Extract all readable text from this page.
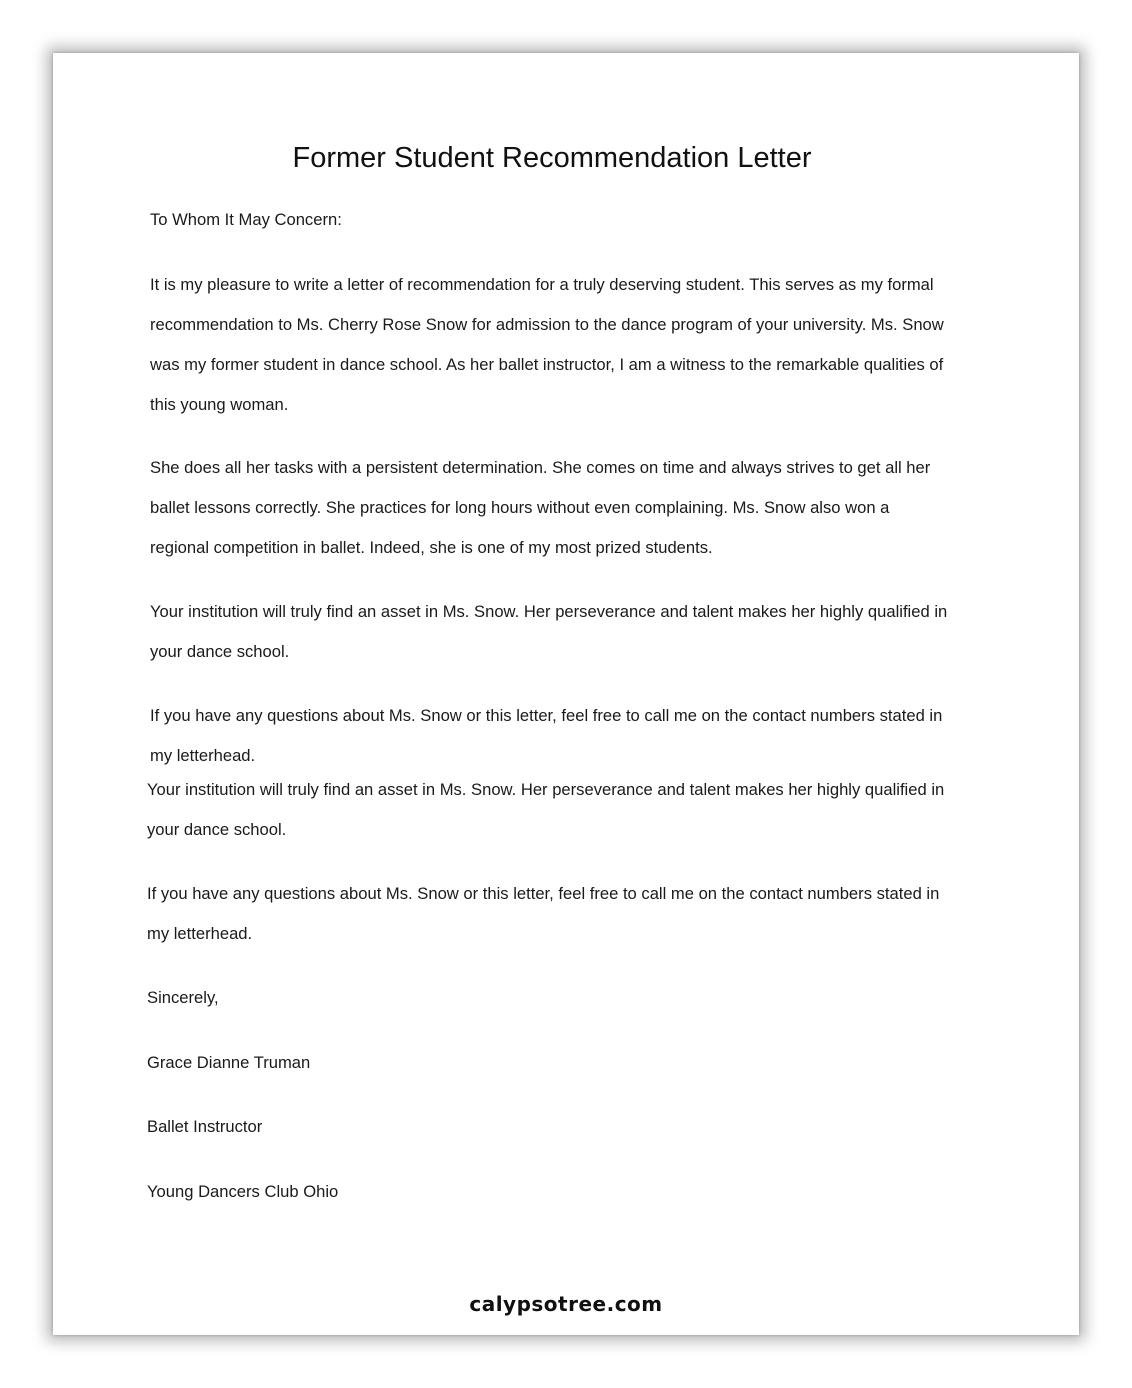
Former Student Recommendation Letter
To Whom It May Concern:
It is my pleasure to write a letter of recommendation for a truly deserving student. This serves as my formal recommendation to Ms. Cherry Rose Snow for admission to the dance program of your university. Ms. Snow was my former student in dance school. As her ballet instructor, I am a witness to the remarkable qualities of this young woman.
She does all her tasks with a persistent determination. She comes on time and always strives to get all her ballet lessons correctly. She practices for long hours without even complaining. Ms. Snow also won a regional competition in ballet. Indeed, she is one of my most prized students.
Your institution will truly find an asset in Ms. Snow. Her perseverance and talent makes her highly qualified in your dance school.
If you have any questions about Ms. Snow or this letter, feel free to call me on the contact numbers stated in my letterhead.
Your institution will truly find an asset in Ms. Snow. Her perseverance and talent makes her highly qualified in your dance school.
If you have any questions about Ms. Snow or this letter, feel free to call me on the contact numbers stated in my letterhead.
Sincerely,
Grace Dianne Truman
Ballet Instructor
Young Dancers Club Ohio
calypsotree.com
